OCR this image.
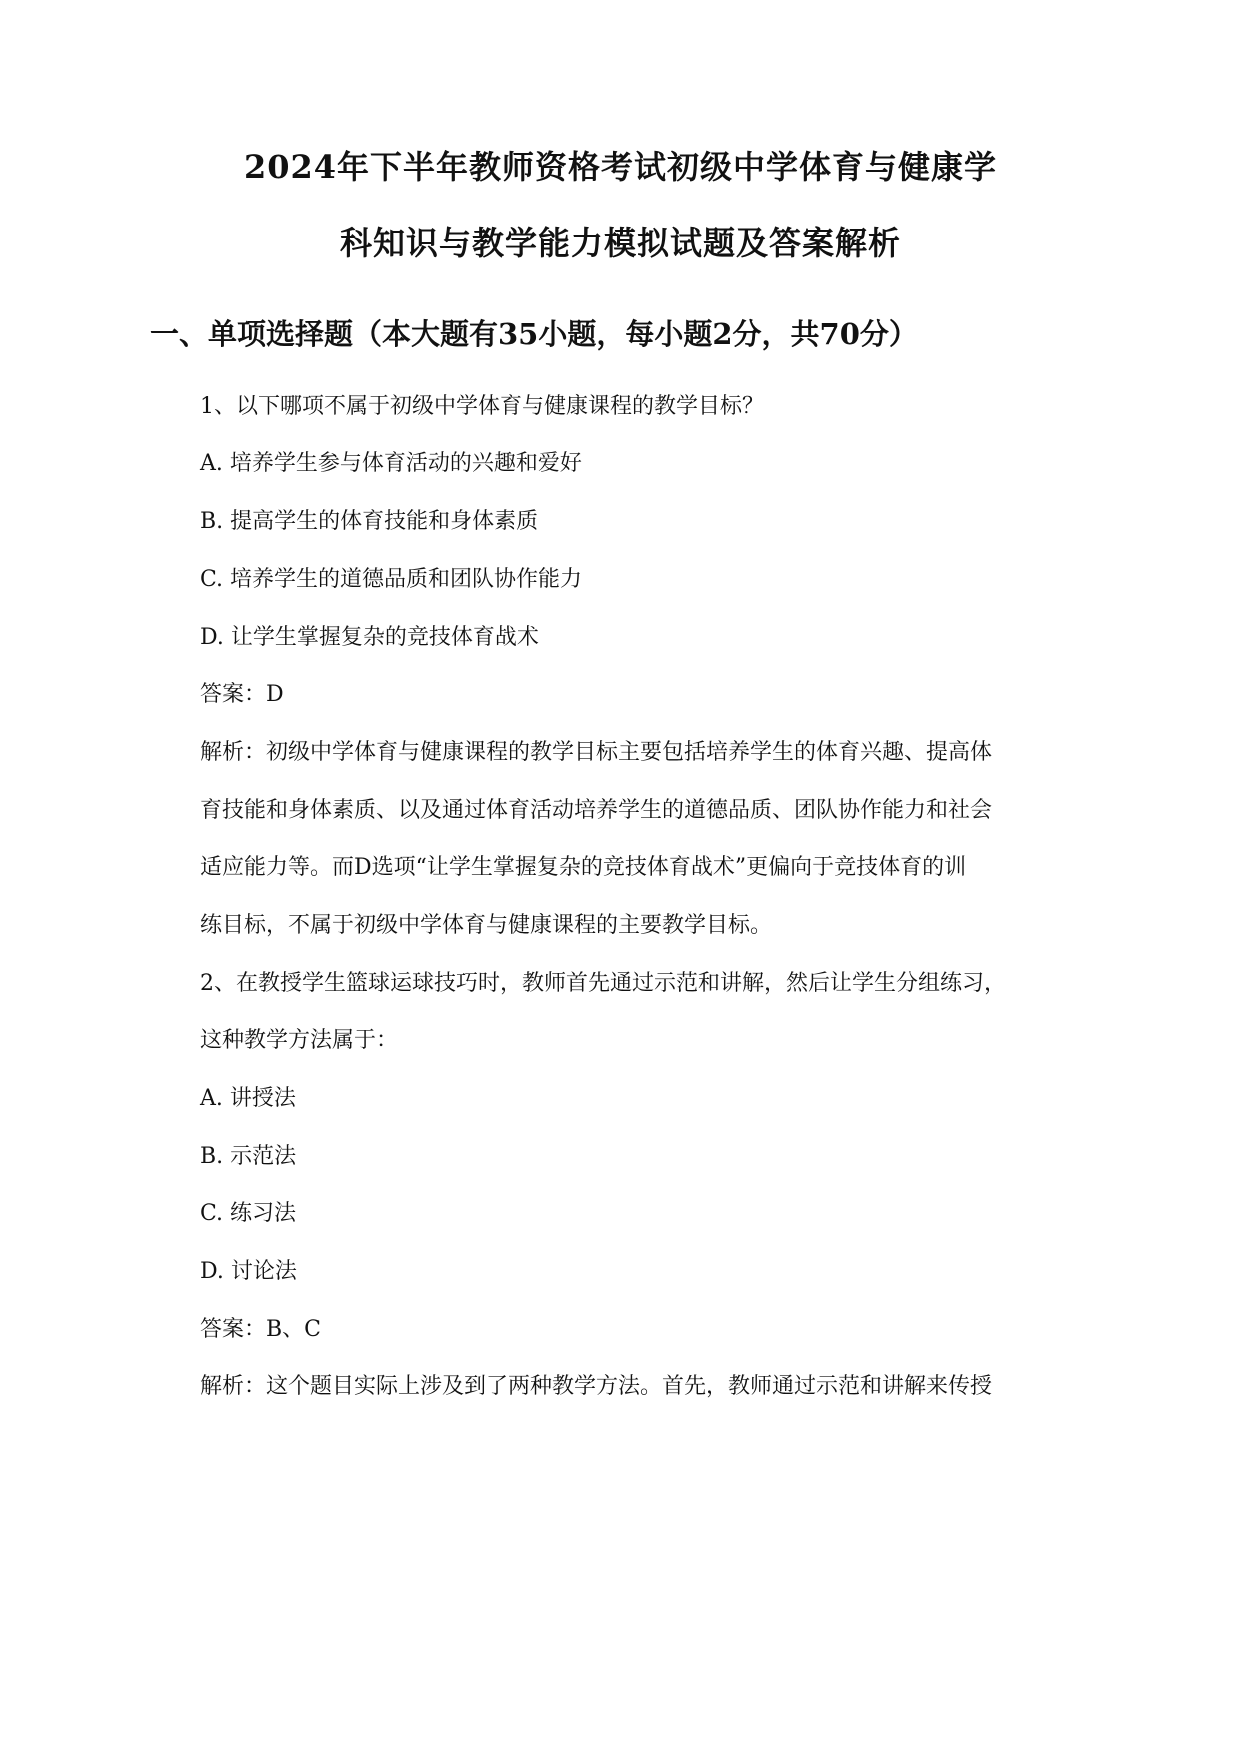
2024年下半年教师资格考试初级中学体育与健康学
科知识与教学能力模拟试题及答案解析
一、单项选择题（本大题有35小题，每小题2分，共70分）
1、以下哪项不属于初级中学体育与健康课程的教学目标？
A. 培养学生参与体育活动的兴趣和爱好
B. 提高学生的体育技能和身体素质
C. 培养学生的道德品质和团队协作能力
D. 让学生掌握复杂的竞技体育战术
答案：D
解析：初级中学体育与健康课程的教学目标主要包括培养学生的体育兴趣、提高体
育技能和身体素质、以及通过体育活动培养学生的道德品质、团队协作能力和社会
适应能力等。而D选项“让学生掌握复杂的竞技体育战术”更偏向于竞技体育的训
练目标，不属于初级中学体育与健康课程的主要教学目标。
2、在教授学生篮球运球技巧时，教师首先通过示范和讲解，然后让学生分组练习，
这种教学方法属于：
A. 讲授法
B. 示范法
C. 练习法
D. 讨论法
答案：B、C
解析：这个题目实际上涉及到了两种教学方法。首先，教师通过示范和讲解来传授
